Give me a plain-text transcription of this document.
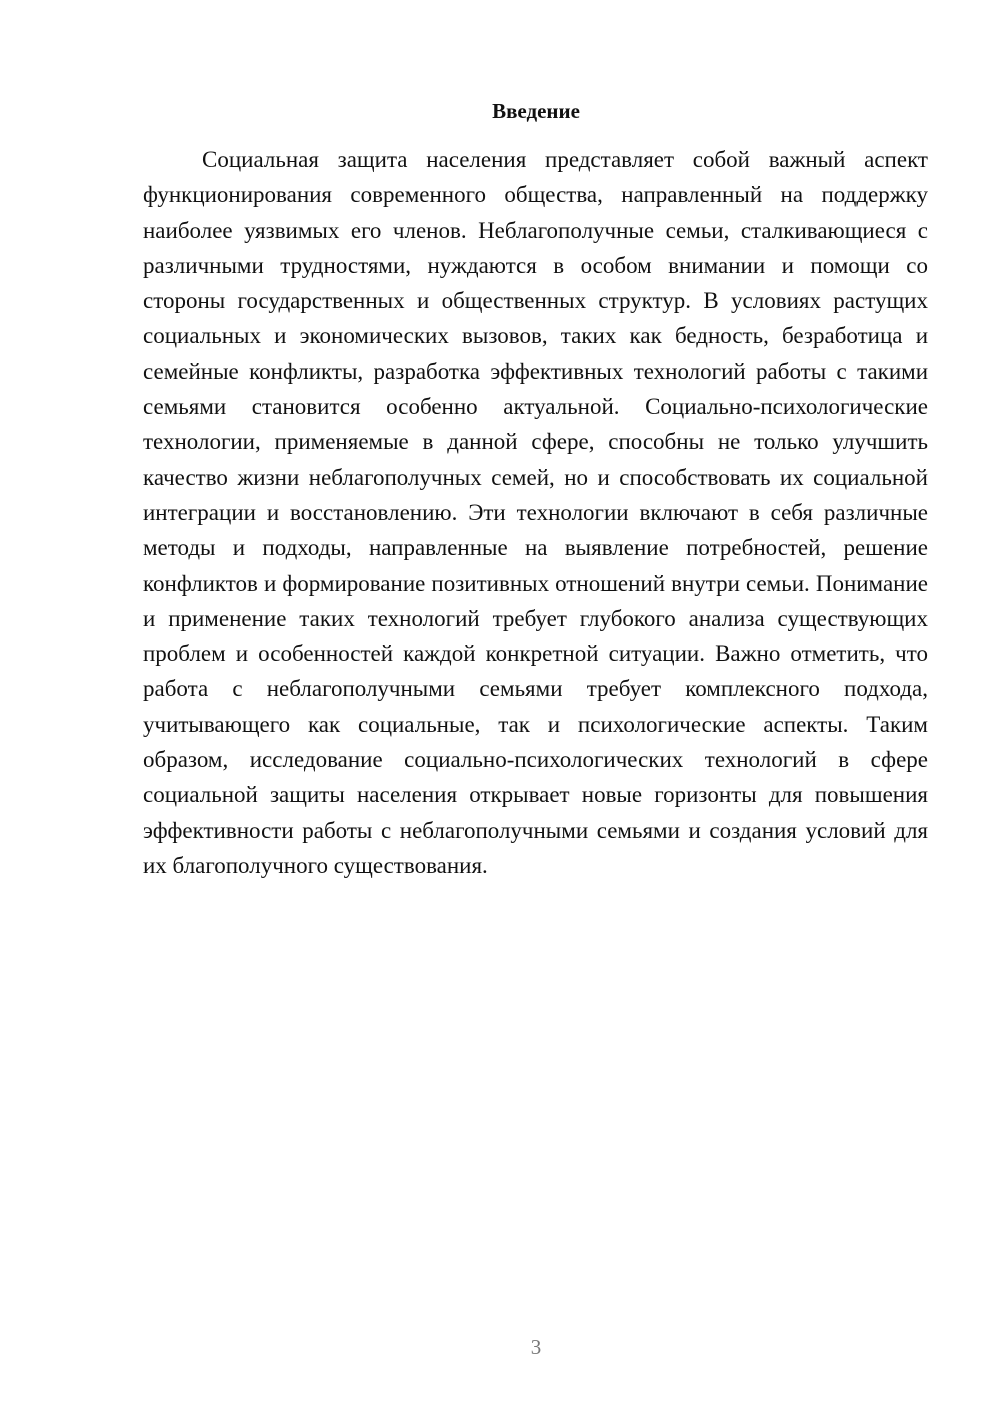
Введение

Социальная защита населения представляет собой важный аспект функционирования современного общества, направленный на поддержку наиболее уязвимых его членов. Неблагополучные семьи, сталкивающиеся с различными трудностями, нуждаются в особом внимании и помощи со стороны государственных и общественных структур. В условиях растущих социальных и экономических вызовов, таких как бедность, безработица и семейные конфликты, разработка эффективных технологий работы с такими семьями становится особенно актуальной. Социально-психологические технологии, применяемые в данной сфере, способны не только улучшить качество жизни неблагополучных семей, но и способствовать их социальной интеграции и восстановлению. Эти технологии включают в себя различные методы и подходы, направленные на выявление потребностей, решение конфликтов и формирование позитивных отношений внутри семьи. Понимание и применение таких технологий требует глубокого анализа существующих проблем и особенностей каждой конкретной ситуации. Важно отметить, что работа с неблагополучными семьями требует комплексного подхода, учитывающего как социальные, так и психологические аспекты. Таким образом, исследование социально-психологических технологий в сфере социальной защиты населения открывает новые горизонты для повышения эффективности работы с неблагополучными семьями и создания условий для их благополучного существования.

3
